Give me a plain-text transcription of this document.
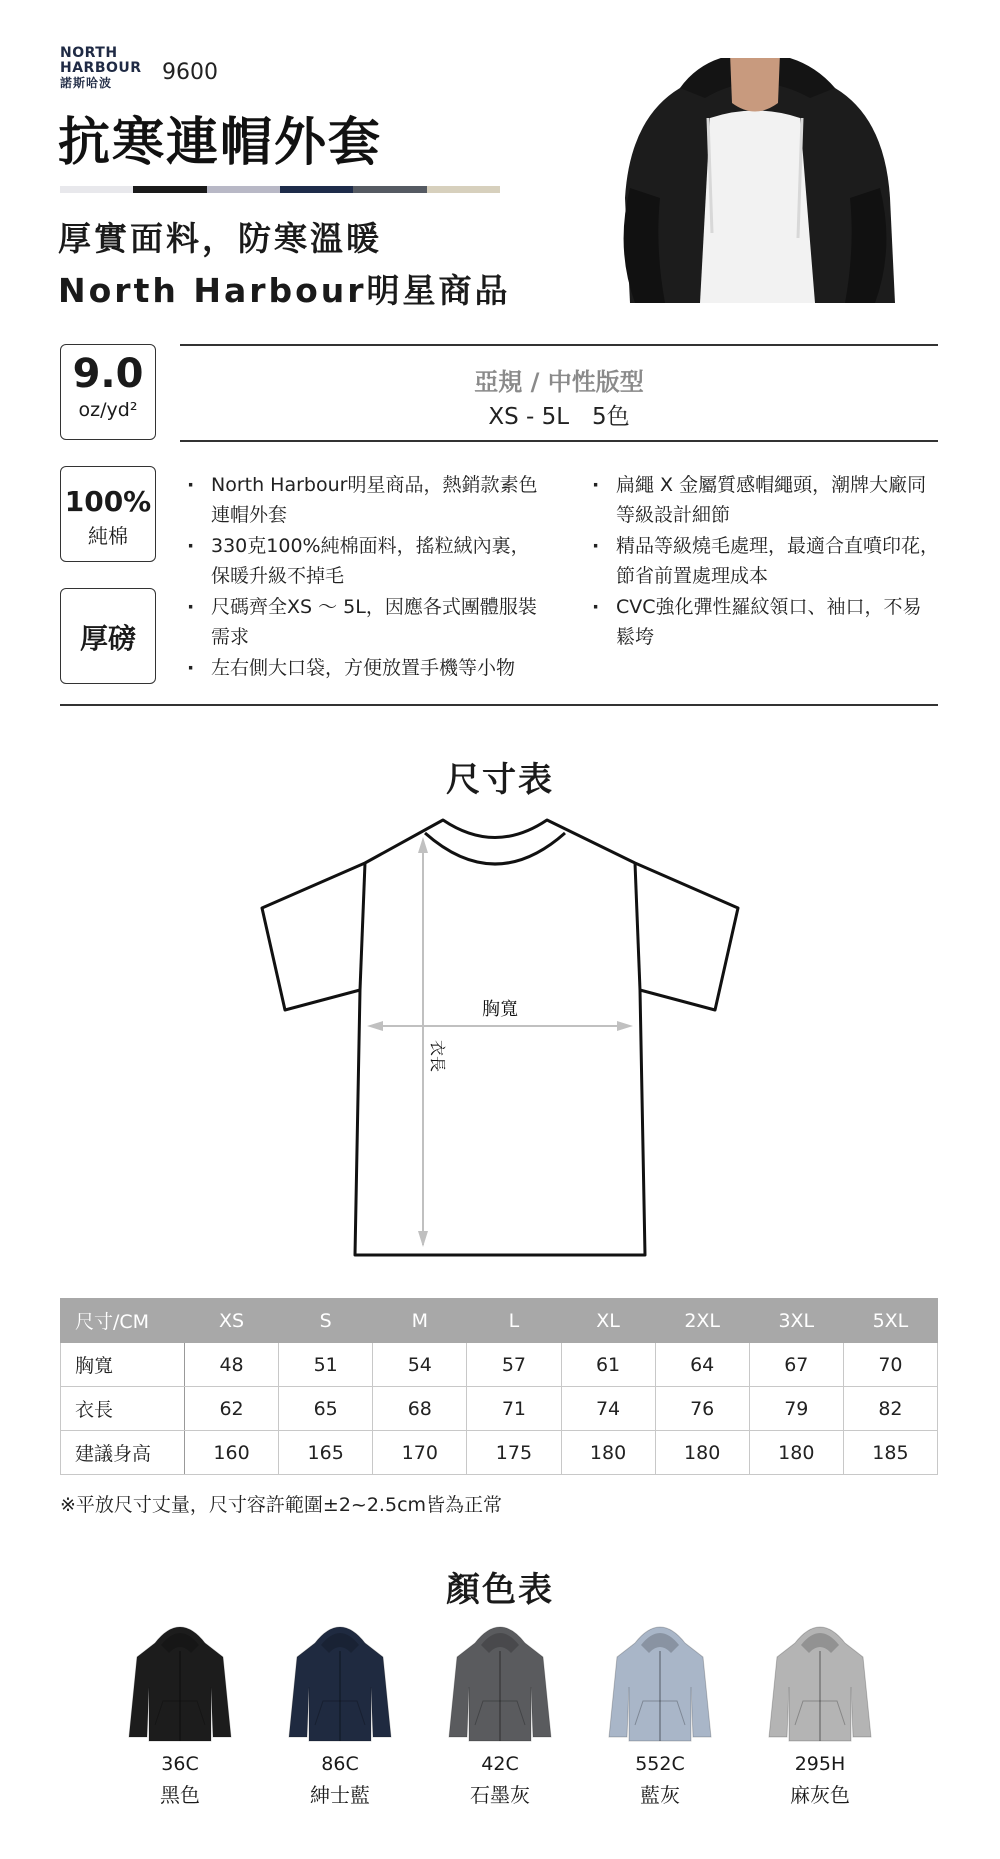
NORTH
HARBOUR
諾斯哈波	9600
抗寒連帽外套
厚實面料，防寒溫暖
North Harbour明星商品
9.0
oz/yd²
100%
純棉
厚磅
亞規 / 中性版型
XS - 5L　5色
· North Harbour明星商品，熱銷款素色連帽外套
· 330克100%純棉面料，搖粒絨內裏，保暖升級不掉毛
· 尺碼齊全XS ～ 5L，因應各式團體服裝需求
· 左右側大口袋，方便放置手機等小物
· 扁繩 X 金屬質感帽繩頭，潮牌大廠同等級設計細節
· 精品等級燒毛處理，最適合直噴印花，節省前置處理成本
· CVC強化彈性羅紋領口、袖口，不易鬆垮
尺寸表
胸寬
衣長
尺寸/CM	XS	S	M	L	XL	2XL	3XL	5XL
胸寬	48	51	54	57	61	64	67	70
衣長	62	65	68	71	74	76	79	82
建議身高	160	165	170	175	180	180	180	185
※平放尺寸丈量，尺寸容許範圍±2~2.5cm皆為正常
顏色表
36C
黑色
86C
紳士藍
42C
石墨灰
552C
藍灰
295H
麻灰色
